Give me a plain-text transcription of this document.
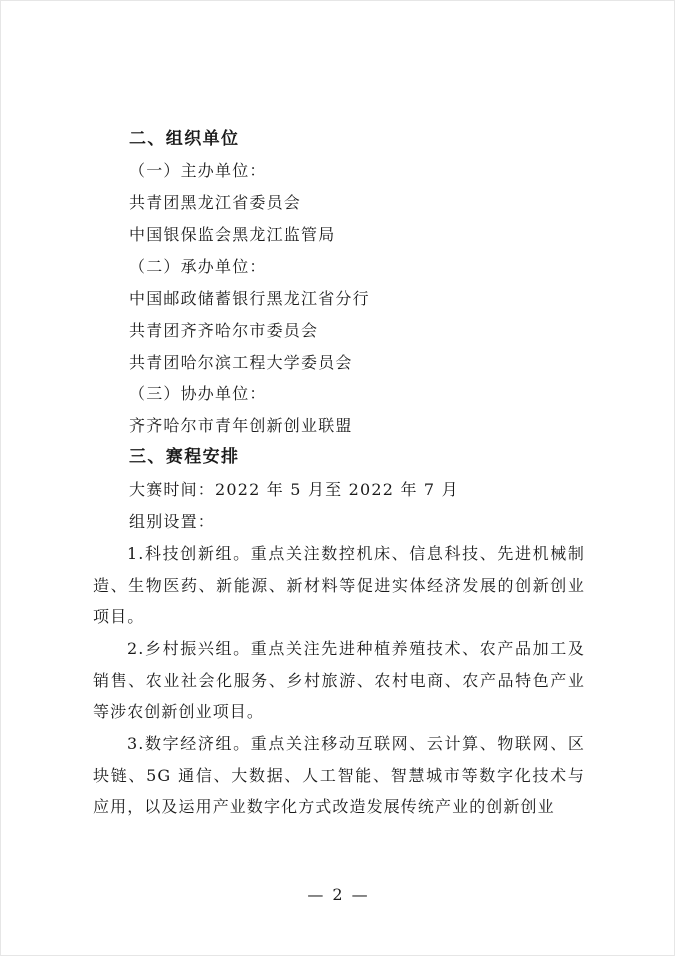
二、组织单位
（一）主办单位：
共青团黑龙江省委员会
中国银保监会黑龙江监管局
（二）承办单位：
中国邮政储蓄银行黑龙江省分行
共青团齐齐哈尔市委员会
共青团哈尔滨工程大学委员会
（三）协办单位：
齐齐哈尔市青年创新创业联盟
三、赛程安排
大赛时间：2022 年 5 月至 2022 年 7 月
组别设置：
1.科技创新组。重点关注数控机床、信息科技、先进机械制造、生物医药、新能源、新材料等促进实体经济发展的创新创业项目。
2.乡村振兴组。重点关注先进种植养殖技术、农产品加工及销售、农业社会化服务、乡村旅游、农村电商、农产品特色产业等涉农创新创业项目。
3.数字经济组。重点关注移动互联网、云计算、物联网、区块链、5G 通信、大数据、人工智能、智慧城市等数字化技术与应用，以及运用产业数字化方式改造发展传统产业的创新创业
— 2 —
